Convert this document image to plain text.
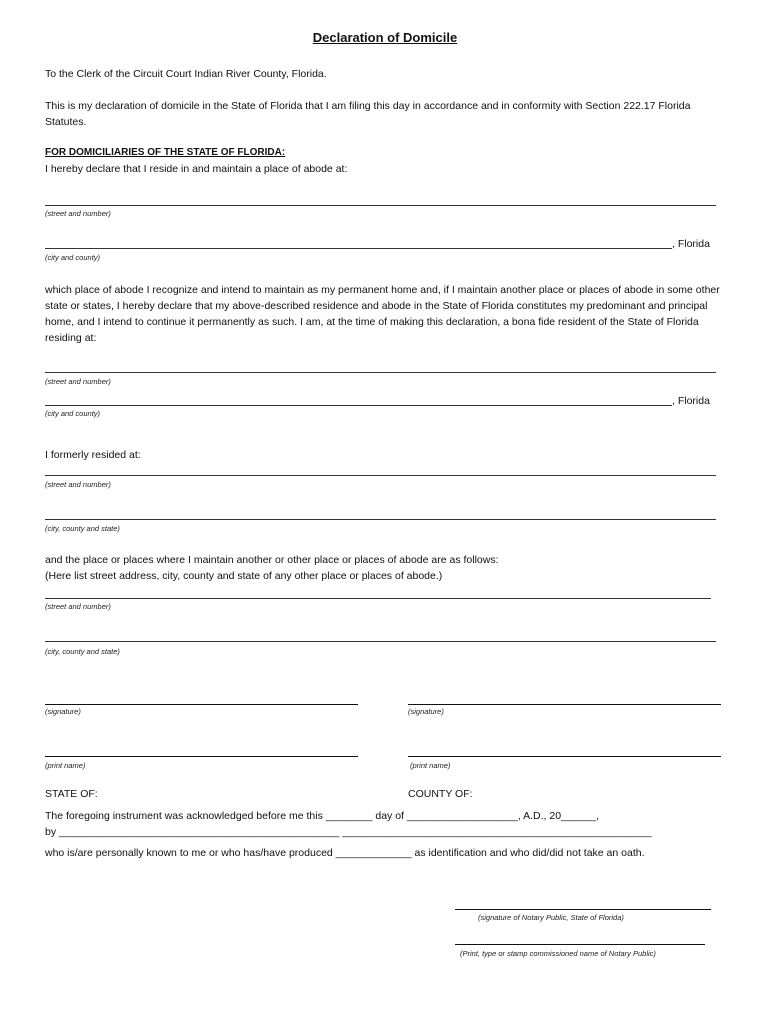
Declaration of Domicile
To the Clerk of the Circuit Court Indian River County, Florida.
This is my declaration of domicile in the State of Florida that I am filing this day in accordance and in conformity with Section 222.17 Florida Statutes.
FOR DOMICILIARIES OF THE STATE OF FLORIDA:
I hereby declare that I reside in and maintain a place of abode at:
(street and number)
, Florida
(city and county)
which place of abode I recognize and intend to maintain as my permanent home and, if I maintain another place or places of abode in some other state or states, I hereby declare that my above-described residence and abode in the State of Florida constitutes my predominant and principal home, and I intend to continue it permanently as such. I am, at the time of making this declaration, a bona fide resident of the State of Florida residing at:
(street and number)
, Florida
(city and county)
I formerly resided at:
(street and number)
(city, county and state)
and the place or places where I maintain another or other place or places of abode are as follows:
(Here list street address, city, county and state of any other place or places of abode.)
(street and number)
(city, county and state)
(signature)	(signature)
(print name)	(print name)
STATE OF:	COUNTY OF:
The foregoing instrument was acknowledged before me this ________ day of ___________________, A.D., 20______,
by ________________________________________________ _____________________________________________________
who is/are personally known to me or who has/have produced _____________ as identification and who did/did not take an oath.
(signature of Notary Public, State of Florida)
(Print, type or stamp commissioned name of Notary Public)
